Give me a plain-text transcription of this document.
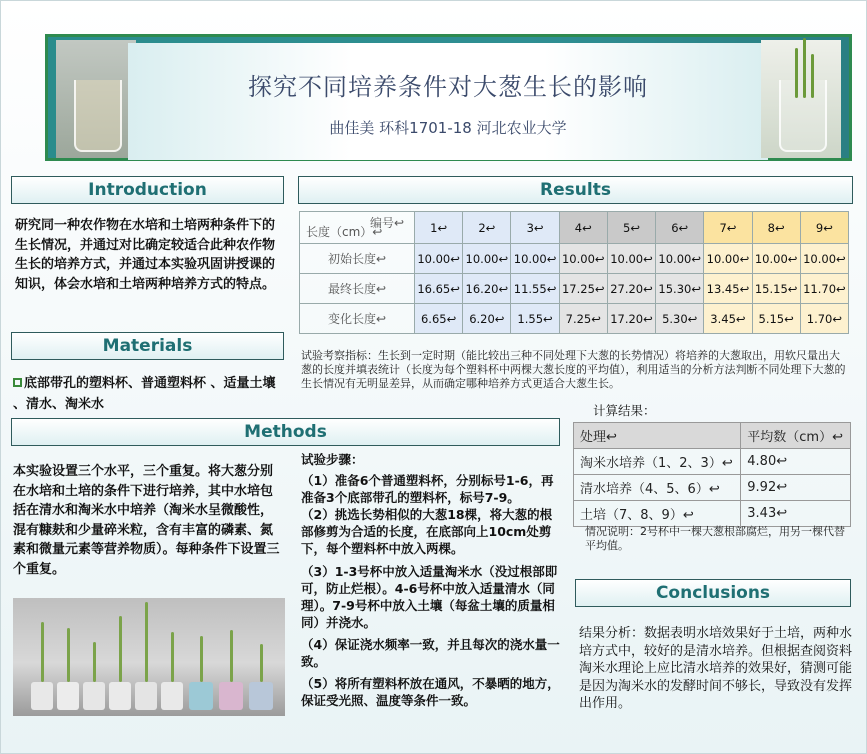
探究不同培养条件对大葱生长的影响
曲佳美 环科1701-18 河北农业大学
Introduction
研究同一种农作物在水培和土培两种条件下的生长情况，并通过对比确定较适合此种农作物生长的培养方式，并通过本实验巩固讲授课的知识，体会水培和土培两种培养方式的特点。
Materials
底部带孔的塑料杯、普通塑料杯 、适量土壤 、清水、淘米水
Methods
本实验设置三个水平，三个重复。将大葱分别在水培和土培的条件下进行培养，其中水培包括在清水和淘米水中培养（淘米水呈微酸性，混有糠麸和少量碎米粒，含有丰富的磷素、氮素和微量元素等营养物质）。每种条件下设置三个重复。
试验步骤：
（1）准备6个普通塑料杯，分别标号1-6，再准备3个底部带孔的塑料杯，标号7-9。
（2）挑选长势相似的大葱18棵，将大葱的根部修剪为合适的长度，在底部向上10cm处剪下，每个塑料杯中放入两棵。
（3）1-3号杯中放入适量淘米水（没过根部即可，防止烂根）。4-6号杯中放入适量清水（同理）。7-9号杯中放入土壤（每盆土壤的质量相同）并浇水。
（4）保证浇水频率一致，并且每次的浇水量一致。
（5）将所有塑料杯放在通风，不暴晒的地方，保证受光照、温度等条件一致。
Results
编号↩
长度（cm）↩	1↩	2↩	3↩	4↩	5↩	6↩	7↩	8↩	9↩
初始长度↩	10.00↩	10.00↩	10.00↩	10.00↩	10.00↩	10.00↩	10.00↩	10.00↩	10.00↩
最终长度↩	16.65↩	16.20↩	11.55↩	17.25↩	27.20↩	15.30↩	13.45↩	15.15↩	11.70↩
变化长度↩	6.65↩	6.20↩	1.55↩	7.25↩	17.20↩	5.30↩	3.45↩	5.15↩	1.70↩
试验考察指标：生长到一定时期（能比较出三种不同处理下大葱的长势情况）将培养的大葱取出，用软尺量出大葱的长度并填表统计（长度为每个塑料杯中两棵大葱长度的平均值），利用适当的分析方法判断不同处理下大葱的生长情况有无明显差异，从而确定哪种培养方式更适合大葱生长。
计算结果：
处理↩	平均数（cm）↩
淘米水培养（1、2、3）↩	4.80↩
清水培养（4、5、6）↩	9.92↩
土培（7、8、9）↩	3.43↩
情况说明：2号杯中一棵大葱根部腐烂，用另一棵代替平均值。
Conclusions
结果分析：数据表明水培效果好于土培，两种水培方式中，较好的是清水培养。但根据查阅资料淘米水理论上应比清水培养的效果好，猜测可能是因为淘米水的发酵时间不够长，导致没有发挥出作用。
